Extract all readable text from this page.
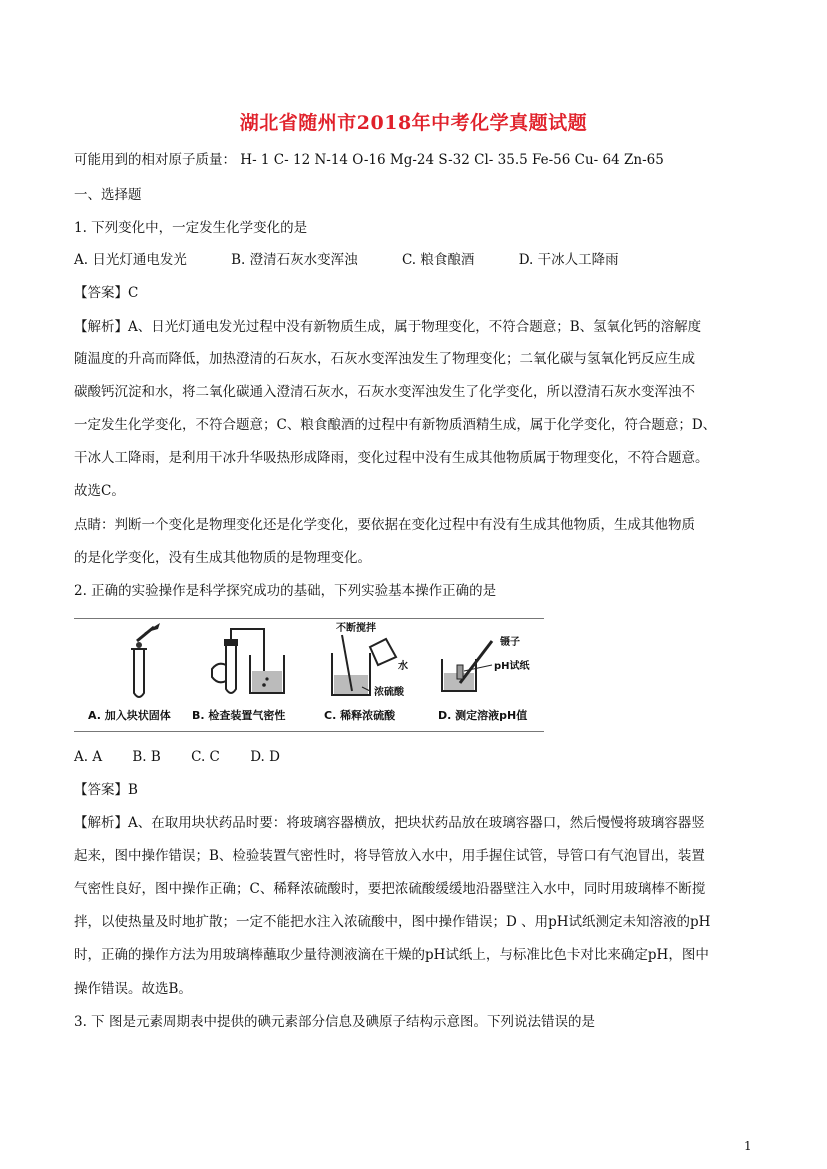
湖北省随州市2018年中考化学真题试题
可能用到的相对原子质量： H- 1 C- 12 N-14 O-16 Mg-24 S-32 Cl- 35.5 Fe-56 Cu- 64 Zn-65
一、选择题
1. 下列变化中，一定发生化学变化的是
A. 日光灯通电发光	B. 澄清石灰水变浑浊	C. 粮食酿酒	D. 干冰人工降雨
【答案】C
【解析】A、日光灯通电发光过程中没有新物质生成，属于物理变化，不符合题意；B、氢氧化钙的溶解度
随温度的升高而降低，加热澄清的石灰水，石灰水变浑浊发生了物理变化；二氧化碳与氢氧化钙反应生成
碳酸钙沉淀和水，将二氧化碳通入澄清石灰水，石灰水变浑浊发生了化学变化，所以澄清石灰水变浑浊不
一定发生化学变化，不符合题意；C、粮食酿酒的过程中有新物质酒精生成，属于化学变化，符合题意；D、
干冰人工降雨，是利用干冰升华吸热形成降雨，变化过程中没有生成其他物质属于物理变化，不符合题意。
故选C。
点睛：判断一个变化是物理变化还是化学变化，要依据在变化过程中有没有生成其他物质，生成其他物质
的是化学变化，没有生成其他物质的是物理变化。
2. 正确的实验操作是科学探究成功的基础，下列实验基本操作正确的是
A. 加入块状固体 B. 检查装置气密性
不断搅拌
水
浓硫酸
C. 稀释浓硫酸
镊子
pH试纸
D. 测定溶液pH值
A. A B. B C. C D. D
【答案】B
【解析】A、在取用块状药品时要：将玻璃容器横放，把块状药品放在玻璃容器口，然后慢慢将玻璃容器竖
起来，图中操作错误；B、检验装置气密性时，将导管放入水中，用手握住试管，导管口有气泡冒出，装置
气密性良好，图中操作正确；C、稀释浓硫酸时，要把浓硫酸缓缓地沿器壁注入水中，同时用玻璃棒不断搅
拌，以使热量及时地扩散；一定不能把水注入浓硫酸中，图中操作错误；D 、用pH试纸测定未知溶液的pH
时，正确的操作方法为用玻璃棒蘸取少量待测液滴在干燥的pH试纸上，与标准比色卡对比来确定pH，图中
操作错误。故选B。
3. 下 图是元素周期表中提供的碘元素部分信息及碘原子结构示意图。下列说法错误的是
1
